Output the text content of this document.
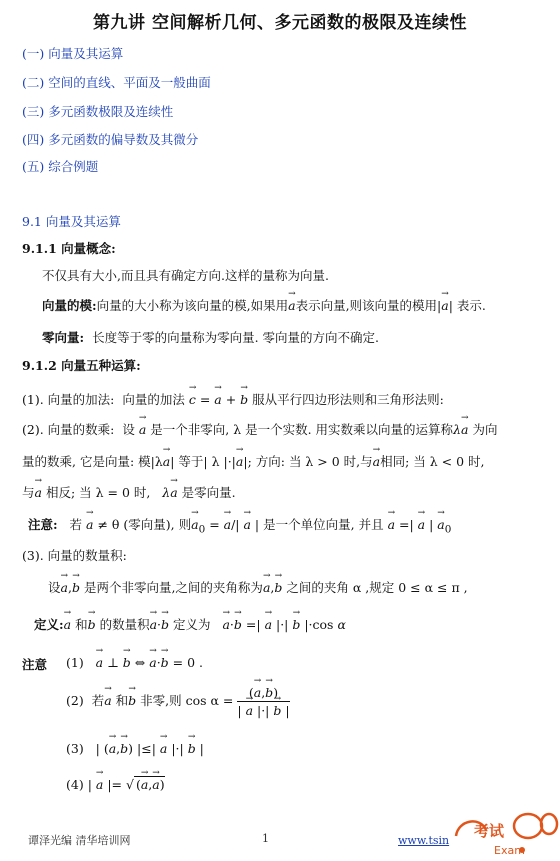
第九讲 空间解析几何、多元函数的极限及连续性
(一) 向量及其运算
(二) 空间的直线、平面及一般曲面
(三) 多元函数极限及连续性
(四) 多元函数的偏导数及其微分
(五) 综合例题
9.1 向量及其运算
9.1.1 向量概念:
不仅具有大小,而且具有确定方向.这样的量称为向量.
向量的模:向量的大小称为该向量的模,如果用→ a表示向量,则该向量的模用|→ a| 表示.
零向量: 长度等于零的向量称为零向量. 零向量的方向不确定.
9.1.2 向量五种运算:
(1). 向量的加法: 向量的加法 → c = → a + → b 服从平行四边形法则和三角形法则:
(2). 向量的数乘: 设 → a 是一个非零向, λ 是一个实数. 用实数乘以向量的运算称λ→ a 为向
量的数乘, 它是向量: 模|λ→ a| 等于| λ |·|→ a|; 方向: 当 λ > 0 时,与→ a相同; 当 λ < 0 时,
与→ a 相反; 当 λ = 0 时, λ→ a 是零向量.
注意: 若 → a ≠ θ (零向量), 则→ $a_0$ = → a/| → a | 是一个单位向量, 并且 → a =| → a | → $a_0$
(3). 向量的数量积:
设→ a,→ b 是两个非零向量,之间的夹角称为→ a,→ b 之间的夹角 α ,规定 0 ≤ α ≤ π ,
定义:→ a 和→ b 的数量积→ a·→ b 定义为 → a·→ b =| → a |·| → b |·cos α
注意 (1) → a ⊥ → b ⇔ → a·→ b = 0 .
(2) 若→ a 和→ b 非零,则 $\cos \alpha = \frac{(\to a,\to b)}{| \to a |\cdot| \to b |}$
(3)   | (→ a,→ b) |≤| → a |·| → b |
(4) | → a |= √ (→ a,→ a)
谭泽光编 清华培训网	1	www.tsin
考试
Exam
